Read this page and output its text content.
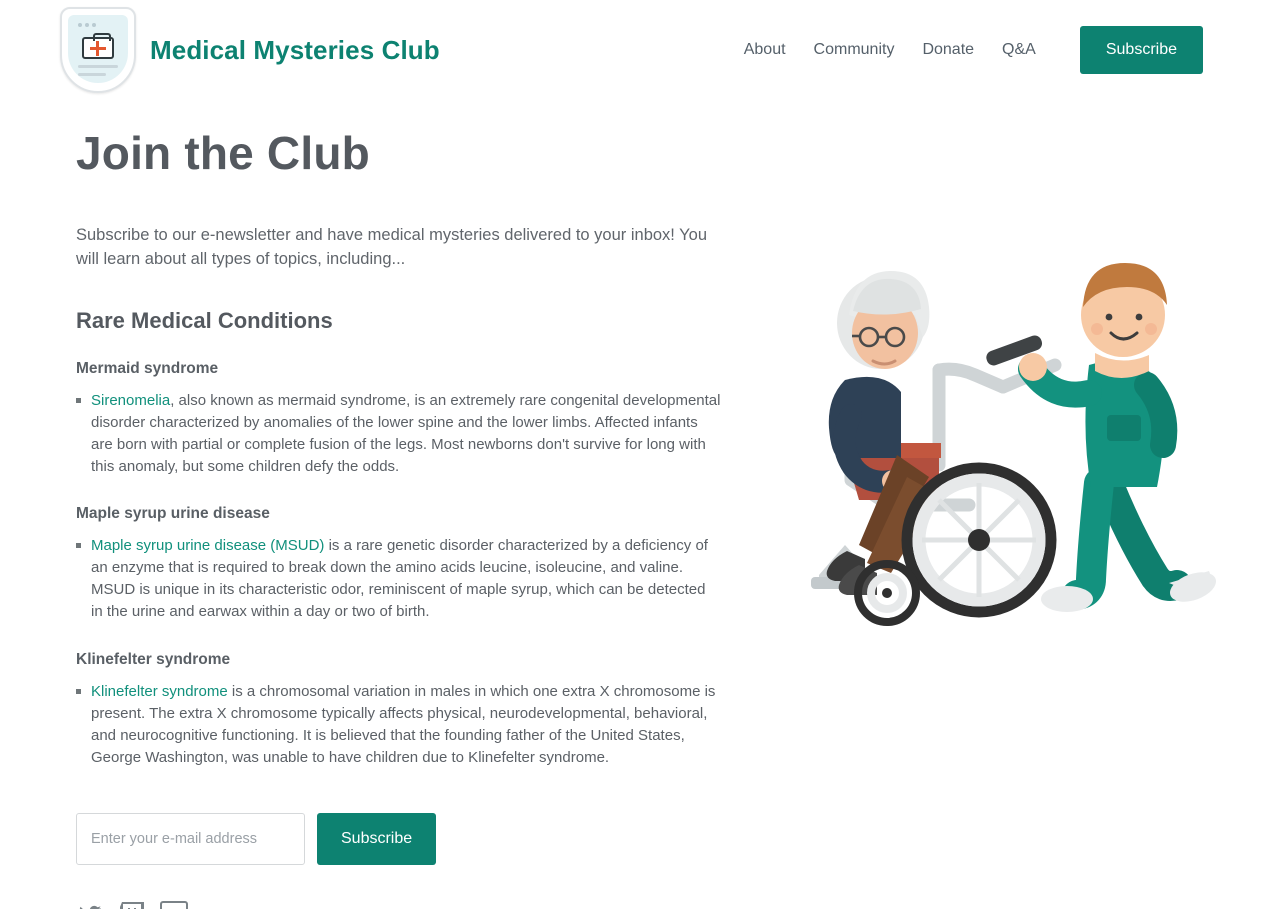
Medical Mysteries Club	About Community Donate Q&A	Subscribe
Join the Club

Subscribe to our e-newsletter and have medical mysteries delivered to your inbox! You will learn about all types of topics, including...

Rare Medical Conditions
Mermaid syndrome
Sirenomelia, also known as mermaid syndrome, is an extremely rare congenital developmental disorder characterized by anomalies of the lower spine and the lower limbs. Affected infants are born with partial or complete fusion of the legs. Most newborns don't survive for long with this anomaly, but some children defy the odds.
Maple syrup urine disease
Maple syrup urine disease (MSUD) is a rare genetic disorder characterized by a deficiency of an enzyme that is required to break down the amino acids leucine, isoleucine, and valine. MSUD is unique in its characteristic odor, reminiscent of maple syrup, which can be detected in the urine and earwax within a day or two of birth.
Klinefelter syndrome
Klinefelter syndrome is a chromosomal variation in males in which one extra X chromosome is present. The extra X chromosome typically affects physical, neurodevelopmental, behavioral, and neurocognitive functioning. It is believed that the founding father of the United States, George Washington, was unable to have children due to Klinefelter syndrome.
Enter your e-mail address
Subscribe
